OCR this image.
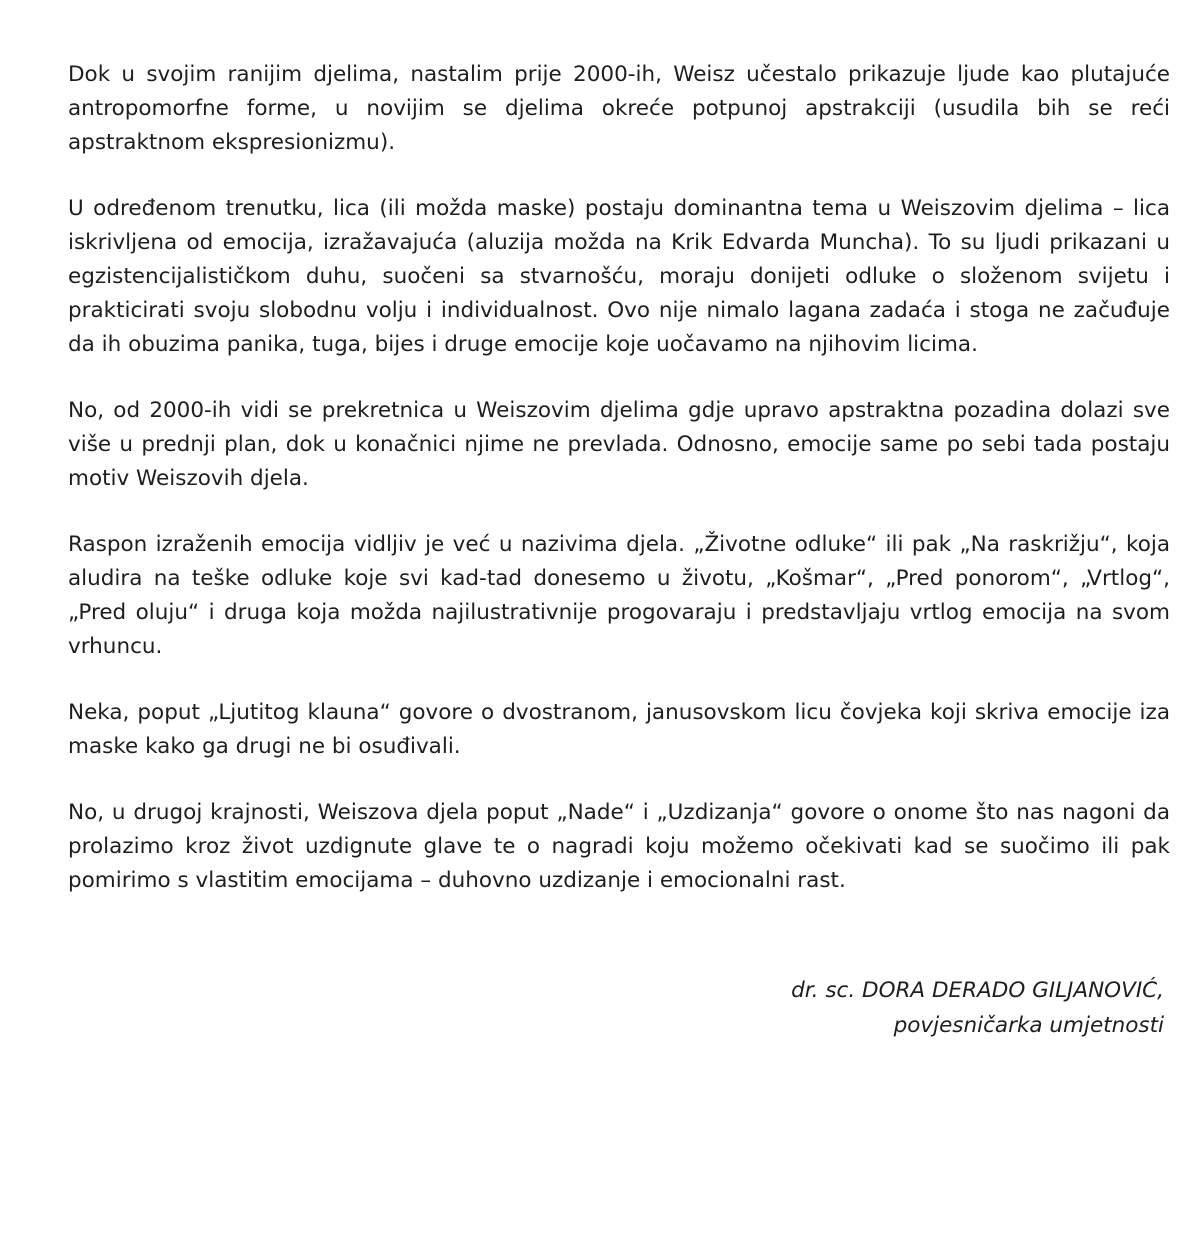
Dok u svojim ranijim djelima, nastalim prije 2000-ih, Weisz učestalo prikazuje ljude kao plutajuće antropomorfne forme, u novijim se djelima okreće potpunoj apstrakciji (usudila bih se reći apstraktnom ekspresionizmu).

U određenom trenutku, lica (ili možda maske) postaju dominantna tema u Weiszovim djelima – lica iskrivljena od emocija, izražavajuća (aluzija možda na Krik Edvarda Muncha). To su ljudi prikazani u egzistencijalističkom duhu, suočeni sa stvarnošću, moraju donijeti odluke o složenom svijetu i prakticirati svoju slobodnu volju i individualnost. Ovo nije nimalo lagana zadaća i stoga ne začuđuje da ih obuzima panika, tuga, bijes i druge emocije koje uočavamo na njihovim licima.

No, od 2000-ih vidi se prekretnica u Weiszovim djelima gdje upravo apstraktna pozadina dolazi sve više u prednji plan, dok u konačnici njime ne prevlada. Odnosno, emocije same po sebi tada postaju motiv Weiszovih djela.

Raspon izraženih emocija vidljiv je već u nazivima djela. „Životne odluke“ ili pak „Na raskrižju“, koja aludira na teške odluke koje svi kad-tad donesemo u životu, „Košmar“, „Pred ponorom“, „Vrtlog“, „Pred oluju“ i druga koja možda najilustrativnije progovaraju i predstavljaju vrtlog emocija na svom vrhuncu.

Neka, poput „Ljutitog klauna“ govore o dvostranom, janusovskom licu čovjeka koji skriva emocije iza maske kako ga drugi ne bi osuđivali.

No, u drugoj krajnosti, Weiszova djela poput „Nade“ i „Uzdizanja“ govore o onome što nas nagoni da prolazimo kroz život uzdignute glave te o nagradi koju možemo očekivati kad se suočimo ili pak pomirimo s vlastitim emocijama – duhovno uzdizanje i emocionalni rast.

dr. sc. DORA DERADO GILJANOVIĆ,
povjesničarka umjetnosti
